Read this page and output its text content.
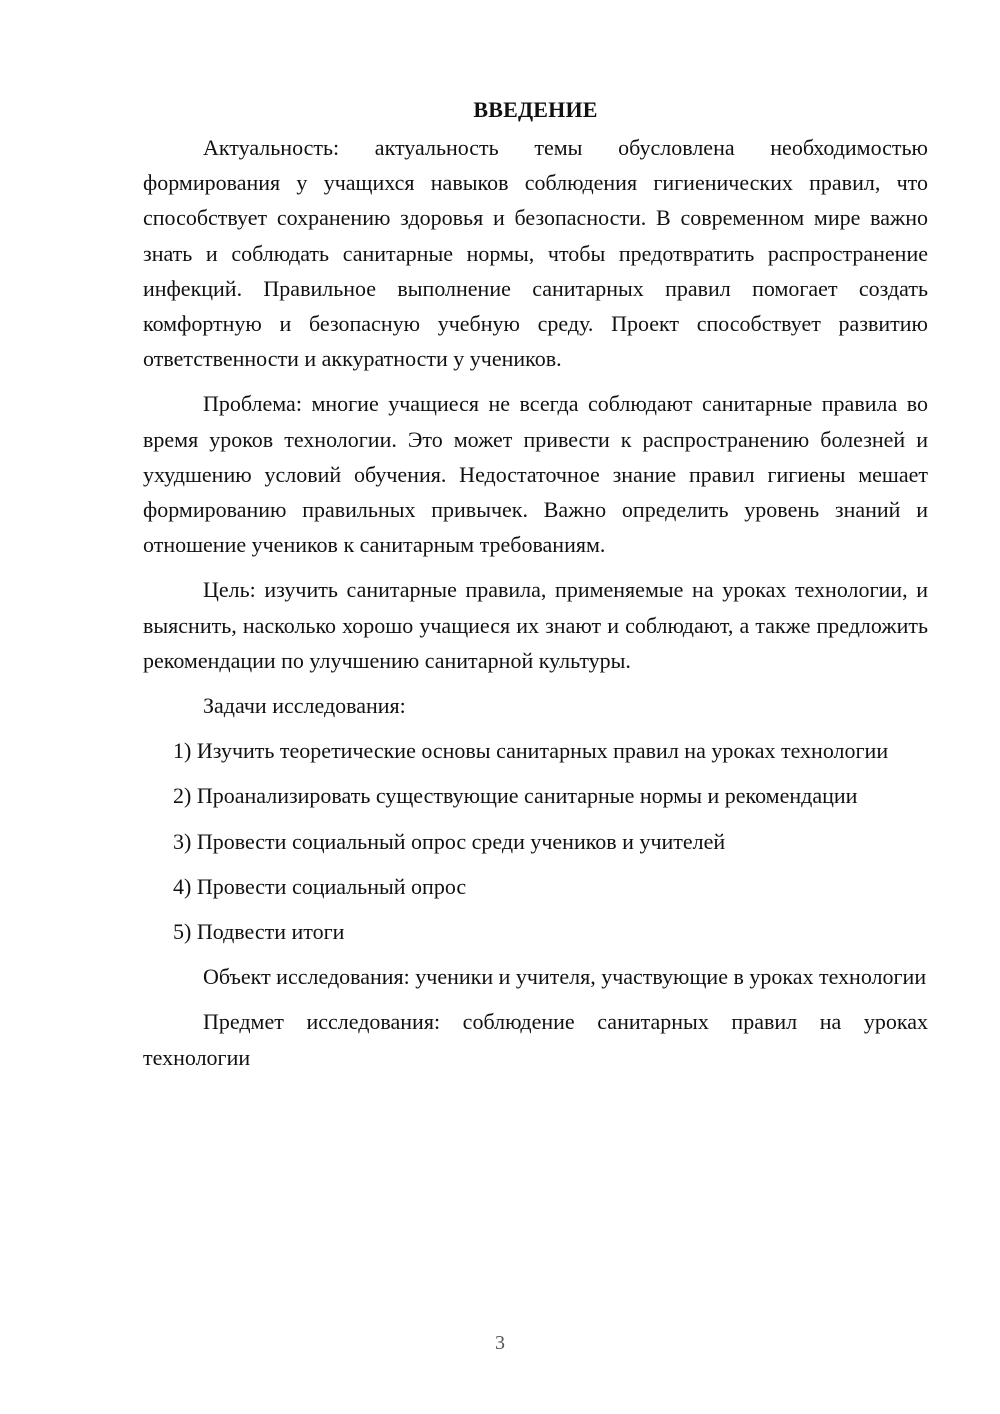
ВВЕДЕНИЕ

Актуальность: актуальность темы обусловлена необходимостью формирования у учащихся навыков соблюдения гигиенических правил, что способствует сохранению здоровья и безопасности. В современном мире важно знать и соблюдать санитарные нормы, чтобы предотвратить распространение инфекций. Правильное выполнение санитарных правил помогает создать комфортную и безопасную учебную среду. Проект способствует развитию ответственности и аккуратности у учеников.

Проблема: многие учащиеся не всегда соблюдают санитарные правила во время уроков технологии. Это может привести к распространению болезней и ухудшению условий обучения. Недостаточное знание правил гигиены мешает формированию правильных привычек. Важно определить уровень знаний и отношение учеников к санитарным требованиям.

Цель: изучить санитарные правила, применяемые на уроках технологии, и выяснить, насколько хорошо учащиеся их знают и соблюдают, а также предложить рекомендации по улучшению санитарной культуры.

Задачи исследования:

1) Изучить теоретические основы санитарных правил на уроках технологии

2) Проанализировать существующие санитарные нормы и рекомендации

3) Провести социальный опрос среди учеников и учителей

4) Провести социальный опрос

5) Подвести итоги

Объект исследования: ученики и учителя, участвующие в уроках технологии

Предмет исследования: соблюдение санитарных правил на уроках технологии

3
